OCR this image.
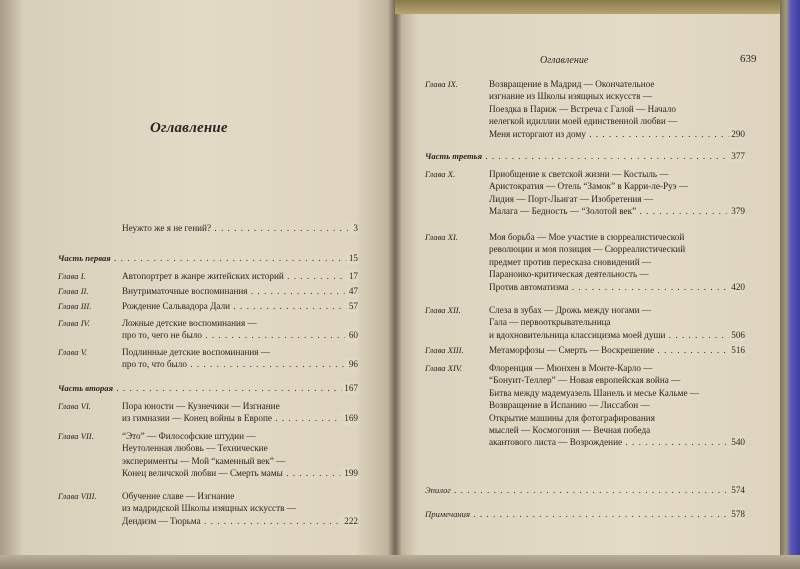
Оглавление
Оглавление	639
Неужто же я не гений? . . .	3
Часть первая . . .	15
Глава I.	Автопортрет в жанре житейских историй . . .	17
Глава II.	Внутриматочные воспоминания . . .	47
Глава III.	Рождение Сальвадора Дали . . .	57
Глава IV.	Ложные детские воспоминания —
про то, чего не было . . .	60
Глава V.	Подлинные детские воспоминания —
про то, что было . . .	96
Часть вторая . . .	167
Глава VI.	Пора юности — Кузнечики — Изгнание
из гимназии — Конец войны в Европе . . .	169
Глава VII.	“Это” — Философские штудии —
Неутоленная любовь — Технические
эксперименты — Мой “каменный век” —
Конец величской любви — Смерть мамы . . .	199
Глава VIII.	Обучение славе — Изгнание
из мадридской Школы изящных искусств —
Дендизм — Тюрьма . . .	222
Глава IX.	Возвращение в Мадрид — Окончательное
изгнание из Школы изящных искусств —
Поездка в Париж — Встреча с Галой — Начало
нелегкой идиллии моей единственной любви —
Меня исторгают из дому . . .	290
Часть третья . . .	377
Глава X.	Приобщение к светской жизни — Костыль —
Аристократия — Отель “Замок” в Карри-ле-Руэ —
Лидия — Порт-Льигат — Изобретения —
Малага — Бедность — “Золотой век” . . .	379
Глава XI.	Моя борьба — Мое участие в сюрреалистической
революции и моя позиция — Сюрреалистический
предмет против пересказа сновидений —
Параноико-критическая деятельность —
Против автоматизма . . .	420
Глава XII.	Слеза в зубах — Дрожь между ногами —
Гала — первооткрывательница
и вдохновительница классицизма моей души . . .	506
Глава XIII.	Метаморфозы — Смерть — Воскрешение . . .	516
Глава XIV.	Флоренция — Мюнхен в Монте-Карло —
“Бонуит-Теллер” — Новая европейская война —
Битва между мадемуазель Шанель и месье Кальме —
Возвращение в Испанию — Лиссабон —
Открытие машины для фотографирования
мыслей — Космогония — Вечная победа
акантового листа — Возрождение . . .	540
Эпилог . . .	574
Примечания . . .	578
